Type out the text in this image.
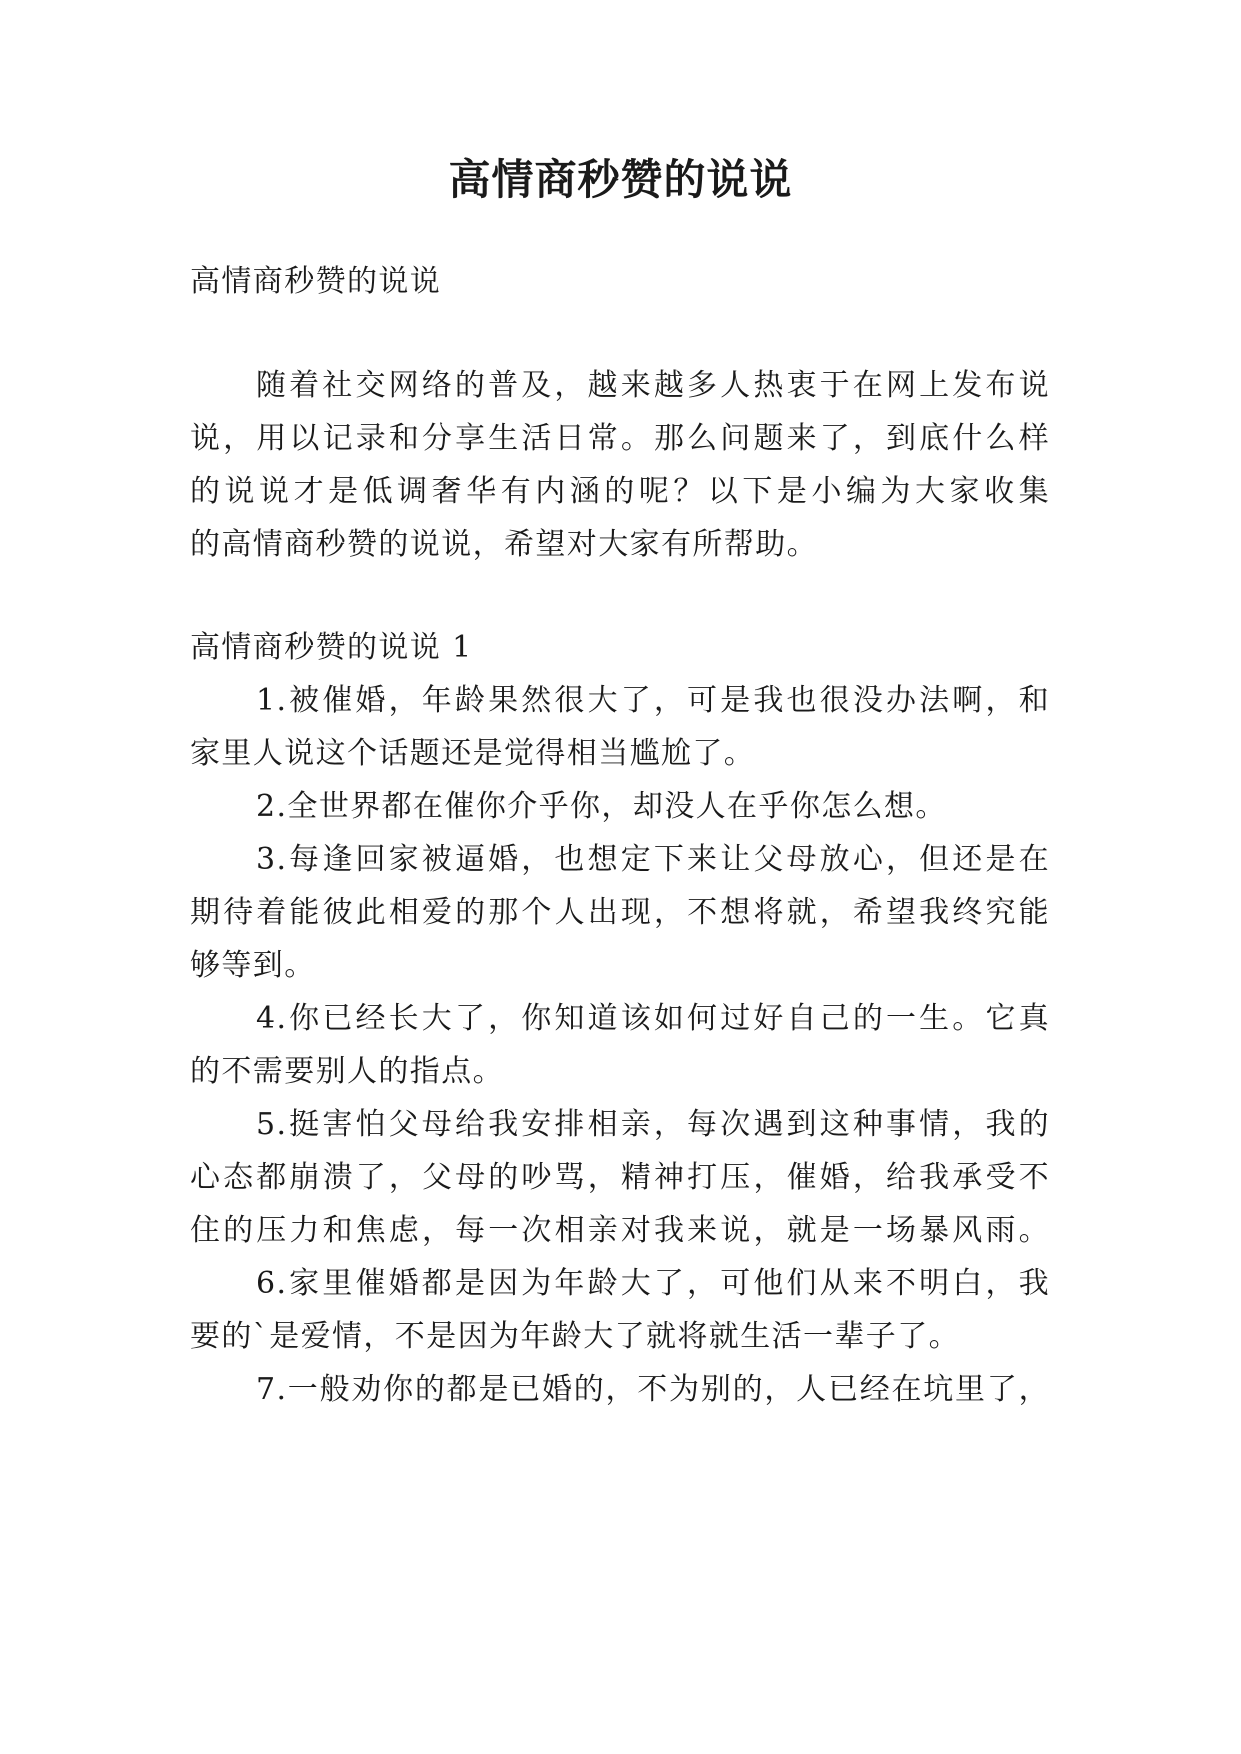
高情商秒赞的说说
高情商秒赞的说说
随着社交网络的普及，越来越多人热衷于在网上发布说
说，用以记录和分享生活日常。那么问题来了，到底什么样
的说说才是低调奢华有内涵的呢？以下是小编为大家收集
的高情商秒赞的说说，希望对大家有所帮助。
高情商秒赞的说说 1
1.被催婚，年龄果然很大了，可是我也很没办法啊，和
家里人说这个话题还是觉得相当尴尬了。
2.全世界都在催你介乎你，却没人在乎你怎么想。
3.每逢回家被逼婚，也想定下来让父母放心，但还是在
期待着能彼此相爱的那个人出现，不想将就，希望我终究能
够等到。
4.你已经长大了，你知道该如何过好自己的一生。它真
的不需要别人的指点。
5.挺害怕父母给我安排相亲，每次遇到这种事情，我的
心态都崩溃了，父母的吵骂，精神打压，催婚，给我承受不
住的压力和焦虑，每一次相亲对我来说，就是一场暴风雨。
6.家里催婚都是因为年龄大了，可他们从来不明白，我
要的`是爱情，不是因为年龄大了就将就生活一辈子了。
7.一般劝你的都是已婚的，不为别的，人已经在坑里了，
